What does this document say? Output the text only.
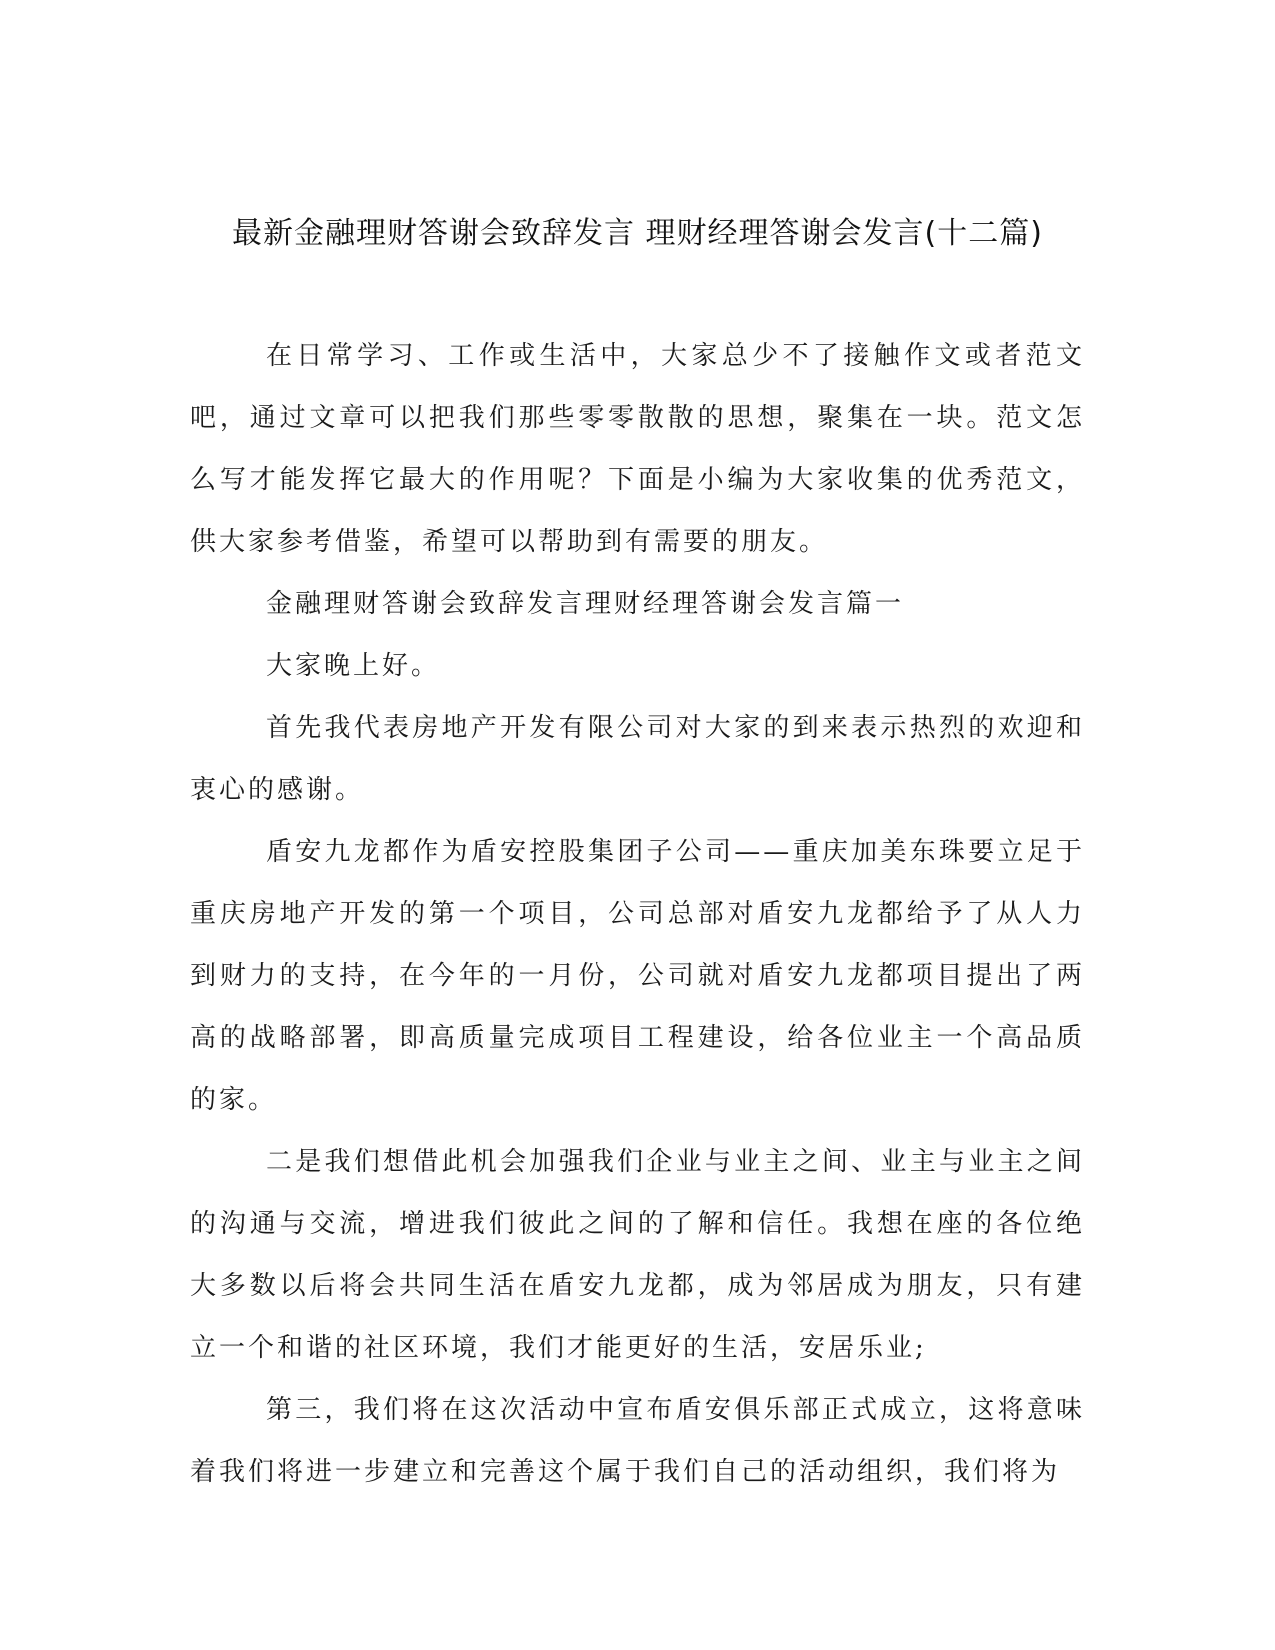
最新金融理财答谢会致辞发言 理财经理答谢会发言(十二篇)

在日常学习、工作或生活中，大家总少不了接触作文或者范文吧，通过文章可以把我们那些零零散散的思想，聚集在一块。范文怎么写才能发挥它最大的作用呢？下面是小编为大家收集的优秀范文，供大家参考借鉴，希望可以帮助到有需要的朋友。

金融理财答谢会致辞发言理财经理答谢会发言篇一

大家晚上好。

首先我代表房地产开发有限公司对大家的到来表示热烈的欢迎和衷心的感谢。

盾安九龙都作为盾安控股集团子公司——重庆加美东珠要立足于重庆房地产开发的第一个项目，公司总部对盾安九龙都给予了从人力到财力的支持，在今年的一月份，公司就对盾安九龙都项目提出了两高的战略部署，即高质量完成项目工程建设，给各位业主一个高品质的家。

二是我们想借此机会加强我们企业与业主之间、业主与业主之间的沟通与交流，增进我们彼此之间的了解和信任。我想在座的各位绝大多数以后将会共同生活在盾安九龙都，成为邻居成为朋友，只有建立一个和谐的社区环境，我们才能更好的生活，安居乐业;

第三，我们将在这次活动中宣布盾安俱乐部正式成立，这将意味着我们将进一步建立和完善这个属于我们自己的活动组织，我们将为
